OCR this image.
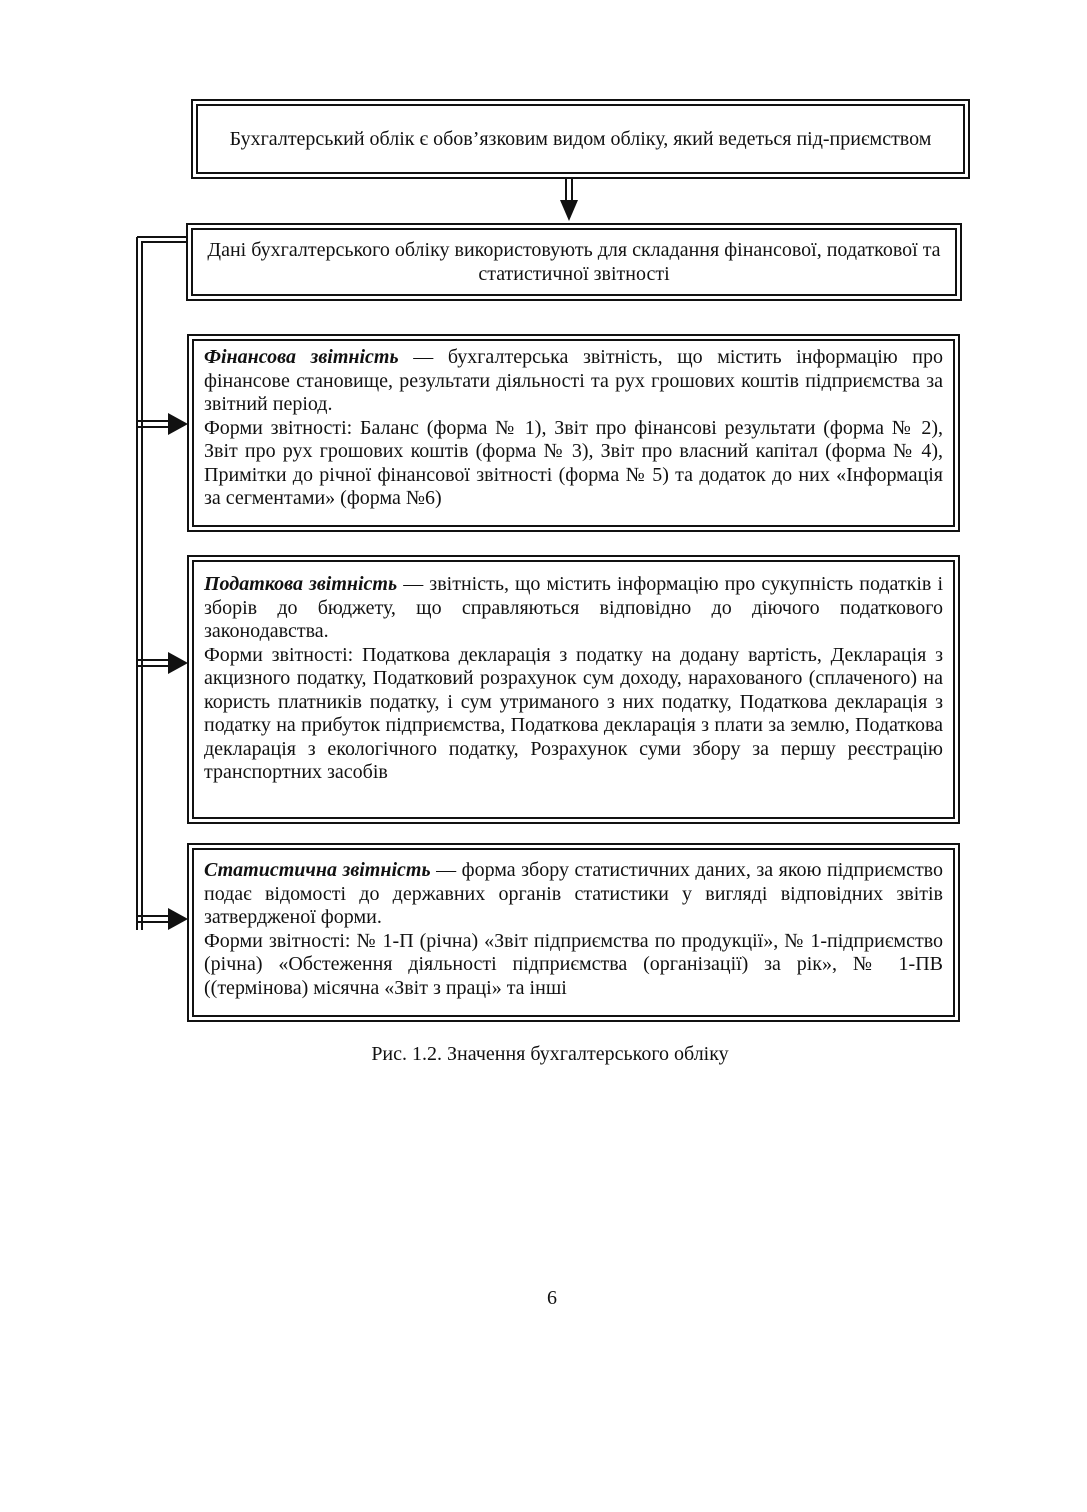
Бухгалтерський облік є обов’язковим видом обліку, який ведеться під-приємством
Дані бухгалтерського обліку використовують для складання фінансової, податкової та статистичної звітності

Фінансова звітність — бухгалтерська звітність, що містить інформацію про фінансове становище, результати діяльності та рух грошових коштів підприємства за звітний період.

Форми звітності: Баланс (форма № 1), Звіт про фінансові результати (форма № 2), Звіт про рух грошових коштів (форма № 3), Звіт про власний капітал (форма № 4), Примітки до річної фінансової звітності (форма № 5) та додаток до них «Інформація за сегментами» (форма №6)

Податкова звітність — звітність, що містить інформацію про сукупність податків і зборів до бюджету, що справляються відповідно до діючого податкового законодавства.

Форми звітності: Податкова декларація з податку на додану вартість, Декларація з акцизного податку, Податковий розрахунок сум доходу, нарахованого (сплаченого) на користь платників податку, і сум утриманого з них податку, Податкова декларація з податку на прибуток підприємства, Податкова декларація з плати за землю, Податкова декларація з екологічного податку, Розрахунок суми збору за першу реєстрацію транспортних засобів

Статистична звітність — форма збору статистичних даних, за якою підприємство подає відомості до державних органів статистики у вигляді відповідних звітів затвердженої форми.

Форми звітності: № 1-П (річна) «Звіт підприємства по продукції», № 1-підприємство (річна) «Обстеження діяльності підприємства (організації) за рік», № 1-ПВ ((термінова) місячна «Звіт з праці» та інші

Рис. 1.2. Значення бухгалтерського обліку
6
